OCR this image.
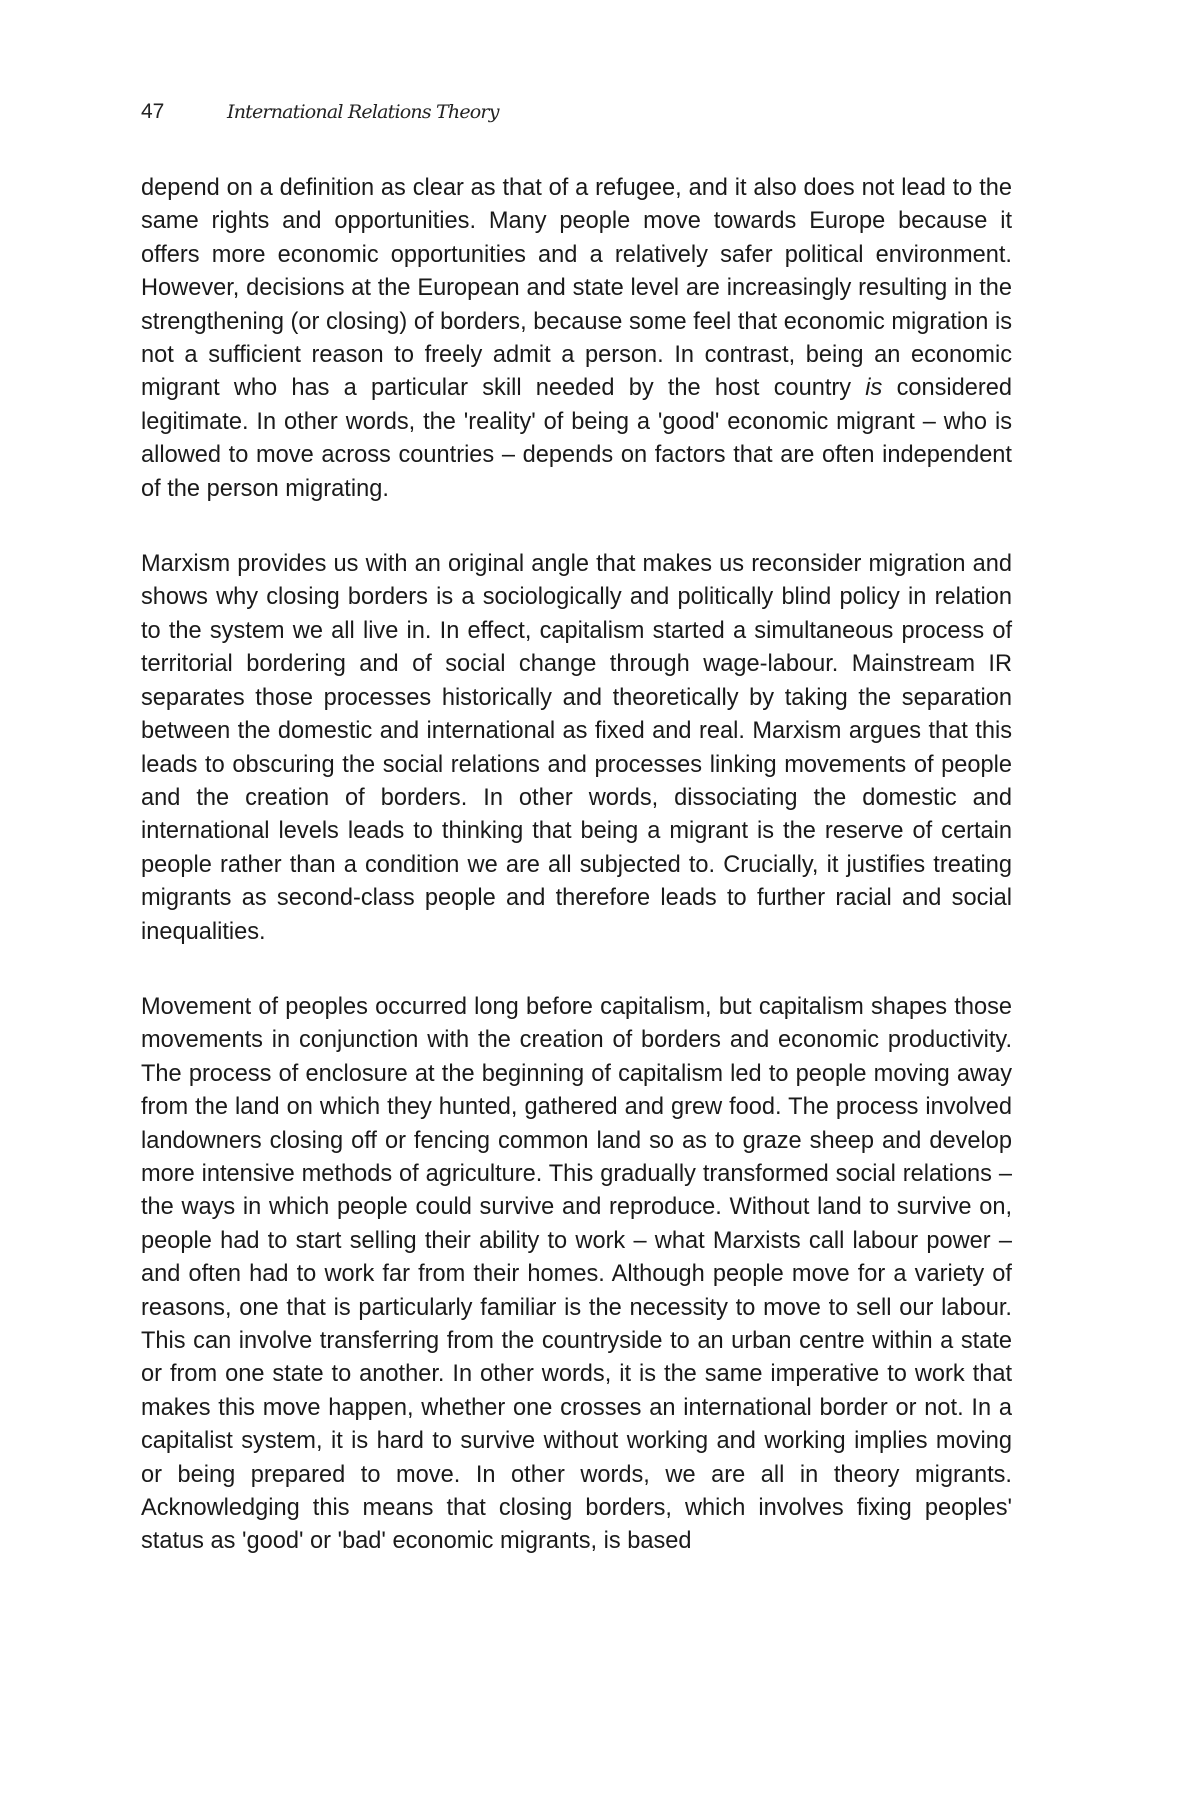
47	International Relations Theory

depend on a definition as clear as that of a refugee, and it also does not lead to the same rights and opportunities. Many people move towards Europe because it offers more economic opportunities and a relatively safer political environment. However, decisions at the European and state level are increasingly resulting in the strengthening (or closing) of borders, because some feel that economic migration is not a sufficient reason to freely admit a person. In contrast, being an economic migrant who has a particular skill needed by the host country is considered legitimate. In other words, the 'reality' of being a 'good' economic migrant – who is allowed to move across countries – depends on factors that are often independent of the person migrating.

Marxism provides us with an original angle that makes us reconsider migration and shows why closing borders is a sociologically and politically blind policy in relation to the system we all live in. In effect, capitalism started a simultaneous process of territorial bordering and of social change through wage-labour. Mainstream IR separates those processes historically and theoretically by taking the separation between the domestic and international as fixed and real. Marxism argues that this leads to obscuring the social relations and processes linking movements of people and the creation of borders. In other words, dissociating the domestic and international levels leads to thinking that being a migrant is the reserve of certain people rather than a condition we are all subjected to. Crucially, it justifies treating migrants as second-class people and therefore leads to further racial and social inequalities.

Movement of peoples occurred long before capitalism, but capitalism shapes those movements in conjunction with the creation of borders and economic productivity. The process of enclosure at the beginning of capitalism led to people moving away from the land on which they hunted, gathered and grew food. The process involved landowners closing off or fencing common land so as to graze sheep and develop more intensive methods of agriculture. This gradually transformed social relations – the ways in which people could survive and reproduce. Without land to survive on, people had to start selling their ability to work – what Marxists call labour power – and often had to work far from their homes. Although people move for a variety of reasons, one that is particularly familiar is the necessity to move to sell our labour. This can involve transferring from the countryside to an urban centre within a state or from one state to another. In other words, it is the same imperative to work that makes this move happen, whether one crosses an international border or not. In a capitalist system, it is hard to survive without working and working implies moving or being prepared to move. In other words, we are all in theory migrants. Acknowledging this means that closing borders, which involves fixing peoples' status as 'good' or 'bad' economic migrants, is based
